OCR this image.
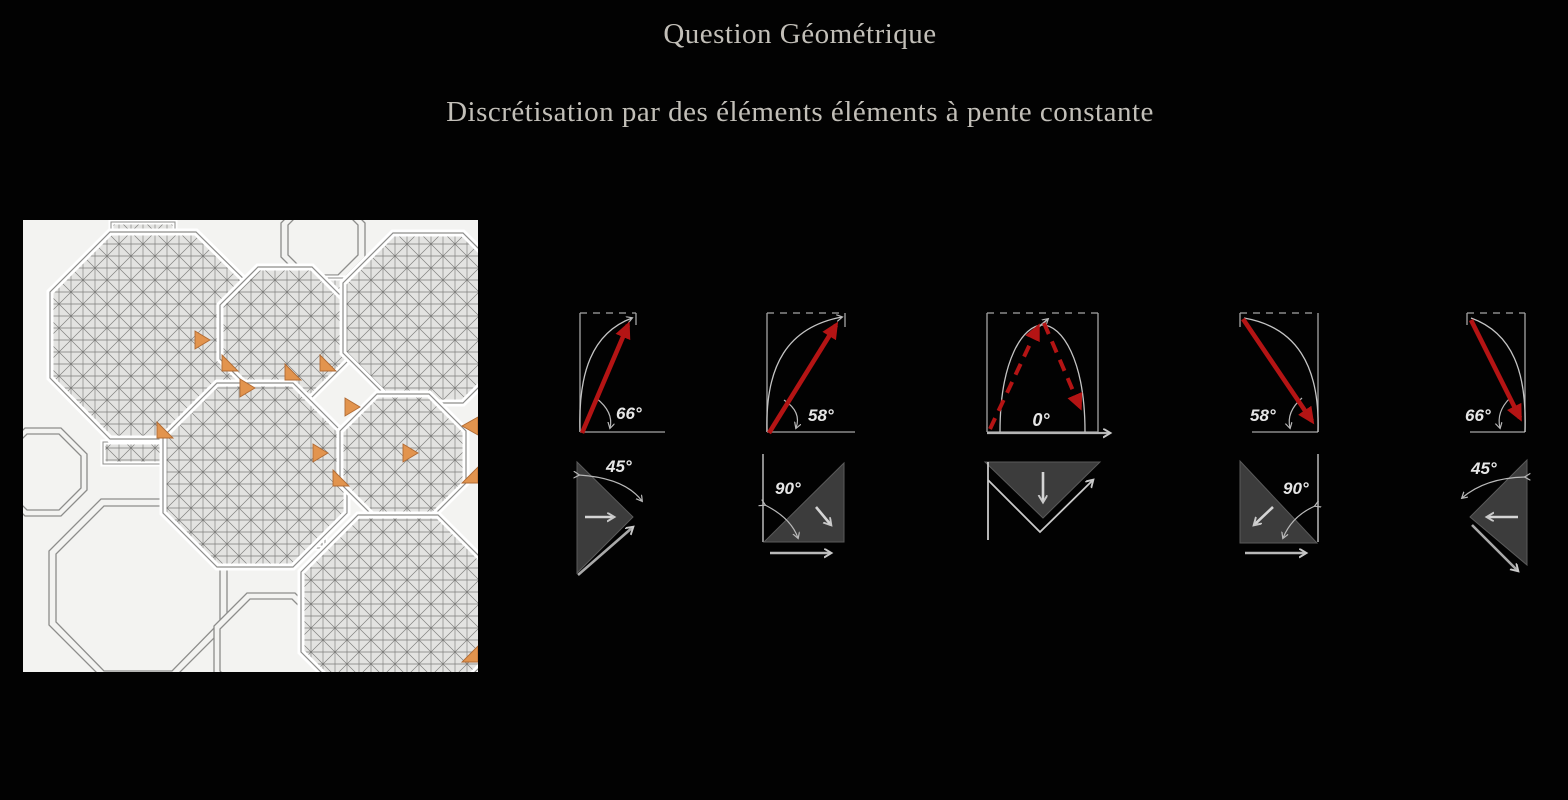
Question Géométrique
Discrétisation par des éléments éléments à pente constante
66°	58°	0°	58°	66°
45°
90°	90°
45°
